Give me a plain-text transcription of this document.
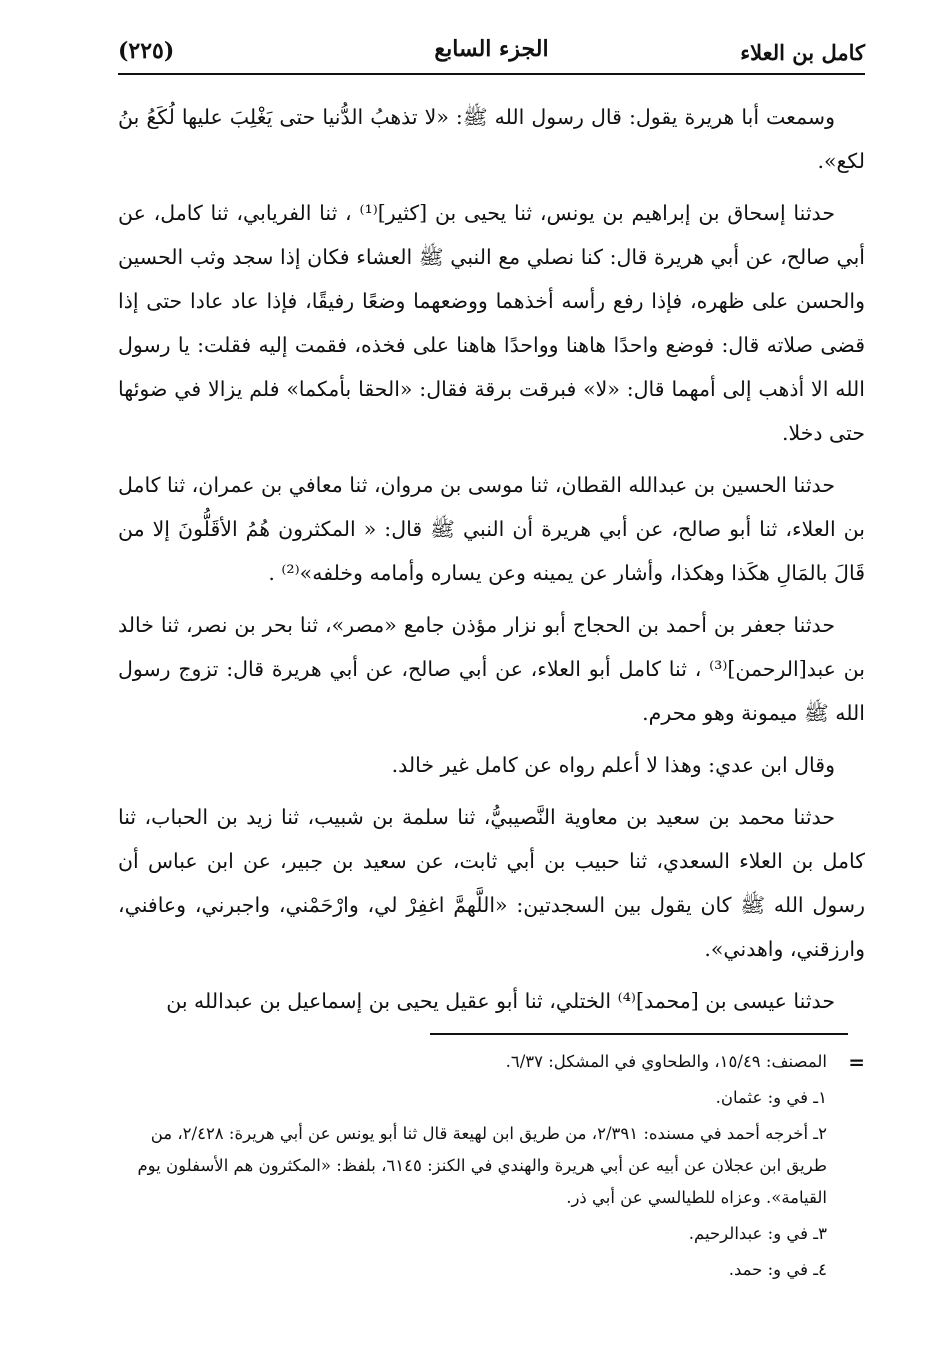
كامل بن العلاء
الجزء السابع
(٢٢٥)

وسمعت أبا هريرة يقول: قال رسول الله ﷺ: «لا تذهبُ الدُّنيا حتى يَغْلِبَ عليها لُكَعُ بنُ لكع».

حدثنا إسحاق بن إبراهيم بن يونس، ثنا يحيى بن [كثير]⁽¹⁾ ، ثنا الفريابي، ثنا كامل، عن أبي صالح، عن أبي هريرة قال: كنا نصلي مع النبي ﷺ العشاء فكان إذا سجد وثب الحسين والحسن على ظهره، فإذا رفع رأسه أخذهما ووضعهما وضعًا رفيقًا، فإذا عاد عادا حتى إذا قضى صلاته قال: فوضع واحدًا هاهنا وواحدًا هاهنا على فخذه، فقمت إليه فقلت: يا رسول الله الا أذهب إلى أمهما قال: «لا» فبرقت برقة فقال: «الحقا بأمكما» فلم يزالا في ضوئها حتى دخلا.

حدثنا الحسين بن عبدالله القطان، ثنا موسى بن مروان، ثنا معافي بن عمران، ثنا كامل بن العلاء، ثنا أبو صالح، عن أبي هريرة أن النبي ﷺ قال: « المكثرون هُمُ الأقَلُّونَ إلا من قَالَ بالمَالِ هكَذا وهكذا، وأشار عن يمينه وعن يساره وأمامه وخلفه»⁽²⁾ .

حدثنا جعفر بن أحمد بن الحجاج أبو نزار مؤذن جامع «مصر»، ثنا بحر بن نصر، ثنا خالد بن عبد[الرحمن]⁽³⁾ ، ثنا كامل أبو العلاء، عن أبي صالح، عن أبي هريرة قال: تزوج رسول الله ﷺ ميمونة وهو محرم.

وقال ابن عدي: وهذا لا أعلم رواه عن كامل غير خالد.

حدثنا محمد بن سعيد بن معاوية النَّصيبيُّ، ثنا سلمة بن شبيب، ثنا زيد بن الحباب، ثنا كامل بن العلاء السعدي، ثنا حبيب بن أبي ثابت، عن سعيد بن جبير، عن ابن عباس أن رسول الله ﷺ كان يقول بين السجدتين: «اللَّهمَّ اغفِرْ لي، وارْحَمْني، واجبرني، وعافني، وارزقني، واهدني».

حدثنا عيسى بن [محمد]⁽⁴⁾ الختلي، ثنا أبو عقيل يحيى بن إسماعيل بن عبدالله بن

=
المصنف: ١٥/٤٩، والطحاوي في المشكل: ٦/٣٧.
١ـ في و: عثمان.
٢ـ أخرجه أحمد في مسنده: ٢/٣٩١، من طريق ابن لهيعة قال ثنا أبو يونس عن أبي هريرة: ٢/٤٢٨، من طريق ابن عجلان عن أبيه عن أبي هريرة والهندي في الكنز: ٦١٤٥، بلفظ: «المكثرون هم الأسفلون يوم القيامة». وعزاه للطيالسي عن أبي ذر.
٣ـ في و: عبدالرحيم.
٤ـ في و: حمد.
